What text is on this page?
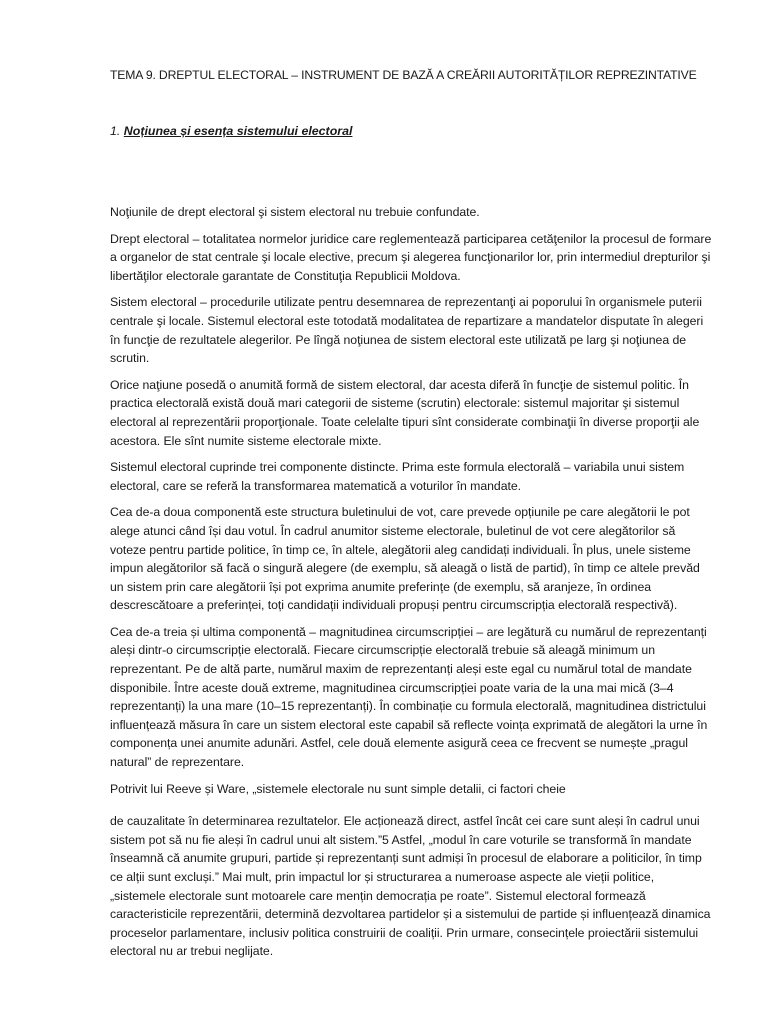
TEMA 9. DREPTUL ELECTORAL – INSTRUMENT DE BAZĂ A CREĂRII AUTORITĂȚILOR REPREZINTATIVE
1. Noțiunea și esența sistemului electoral

Noţiunile de drept electoral şi sistem electoral nu trebuie confundate.

Drept electoral – totalitatea normelor juridice care reglementează participarea cetăţenilor la procesul de formare a organelor de stat centrale şi locale elective, precum şi alegerea funcţionarilor lor, prin intermediul drepturilor şi libertăţilor electorale garantate de Constituţia Republicii Moldova.

Sistem electoral – procedurile utilizate pentru desemnarea de reprezentanţi ai poporului în organismele puterii centrale şi locale. Sistemul electoral este totodată modalitatea de repartizare a mandatelor disputate în alegeri în funcţie de rezultatele alegerilor. Pe lîngă noţiunea de sistem electoral este utilizată pe larg şi noţiunea de scrutin.

Orice naţiune posedă o anumită formă de sistem electoral, dar acesta diferă în funcţie de sistemul politic. În practica electorală există două mari categorii de sisteme (scrutin) electorale: sistemul majoritar şi sistemul electoral al reprezentării proporţionale. Toate celelalte tipuri sînt considerate combinaţii în diverse proporţii ale acestora. Ele sînt numite sisteme electorale mixte.

Sistemul electoral cuprinde trei componente distincte. Prima este formula electorală – variabila unui sistem electoral, care se referă la transformarea matematică a voturilor în mandate.

Cea de-a doua componentă este structura buletinului de vot, care prevede opțiunile pe care alegătorii le pot alege atunci când își dau votul. În cadrul anumitor sisteme electorale, buletinul de vot cere alegătorilor să voteze pentru partide politice, în timp ce, în altele, alegătorii aleg candidați individuali. În plus, unele sisteme impun alegătorilor să facă o singură alegere (de exemplu, să aleagă o listă de partid), în timp ce altele prevăd un sistem prin care alegătorii își pot exprima anumite preferințe (de exemplu, să aranjeze, în ordinea descrescătoare a preferinței, toți candidații individuali propuși pentru circumscripția electorală respectivă).

Cea de-a treia și ultima componentă – magnitudinea circumscripției – are legătură cu numărul de reprezentanți aleși dintr-o circumscripție electorală. Fiecare circumscripție electorală trebuie să aleagă minimum un reprezentant. Pe de altă parte, numărul maxim de reprezentanți aleși este egal cu numărul total de mandate disponibile. Între aceste două extreme, magnitudinea circumscripției poate varia de la una mai mică (3–4 reprezentanți) la una mare (10–15 reprezentanți). În combinație cu formula electorală, magnitudinea districtului influențează măsura în care un sistem electoral este capabil să reflecte voința exprimată de alegători la urne în componența unei anumite adunări. Astfel, cele două elemente asigură ceea ce frecvent se numește „pragul natural” de reprezentare.

Potrivit lui Reeve și Ware, „sistemele electorale nu sunt simple detalii, ci factori cheie

de cauzalitate în determinarea rezultatelor. Ele acționează direct, astfel încât cei care sunt aleși în cadrul unui sistem pot să nu fie aleși în cadrul unui alt sistem.”5 Astfel, „modul în care voturile se transformă în mandate înseamnă că anumite grupuri, partide și reprezentanți sunt admiși în procesul de elaborare a politicilor, în timp ce alții sunt excluși.” Mai mult, prin impactul lor și structurarea a numeroase aspecte ale vieții politice, „sistemele electorale sunt motoarele care mențin democrația pe roate”. Sistemul electoral formează caracteristicile reprezentării, determină dezvoltarea partidelor și a sistemului de partide și influențează dinamica proceselor parlamentare, inclusiv politica construirii de coaliții. Prin urmare, consecințele proiectării sistemului electoral nu ar trebui neglijate.
